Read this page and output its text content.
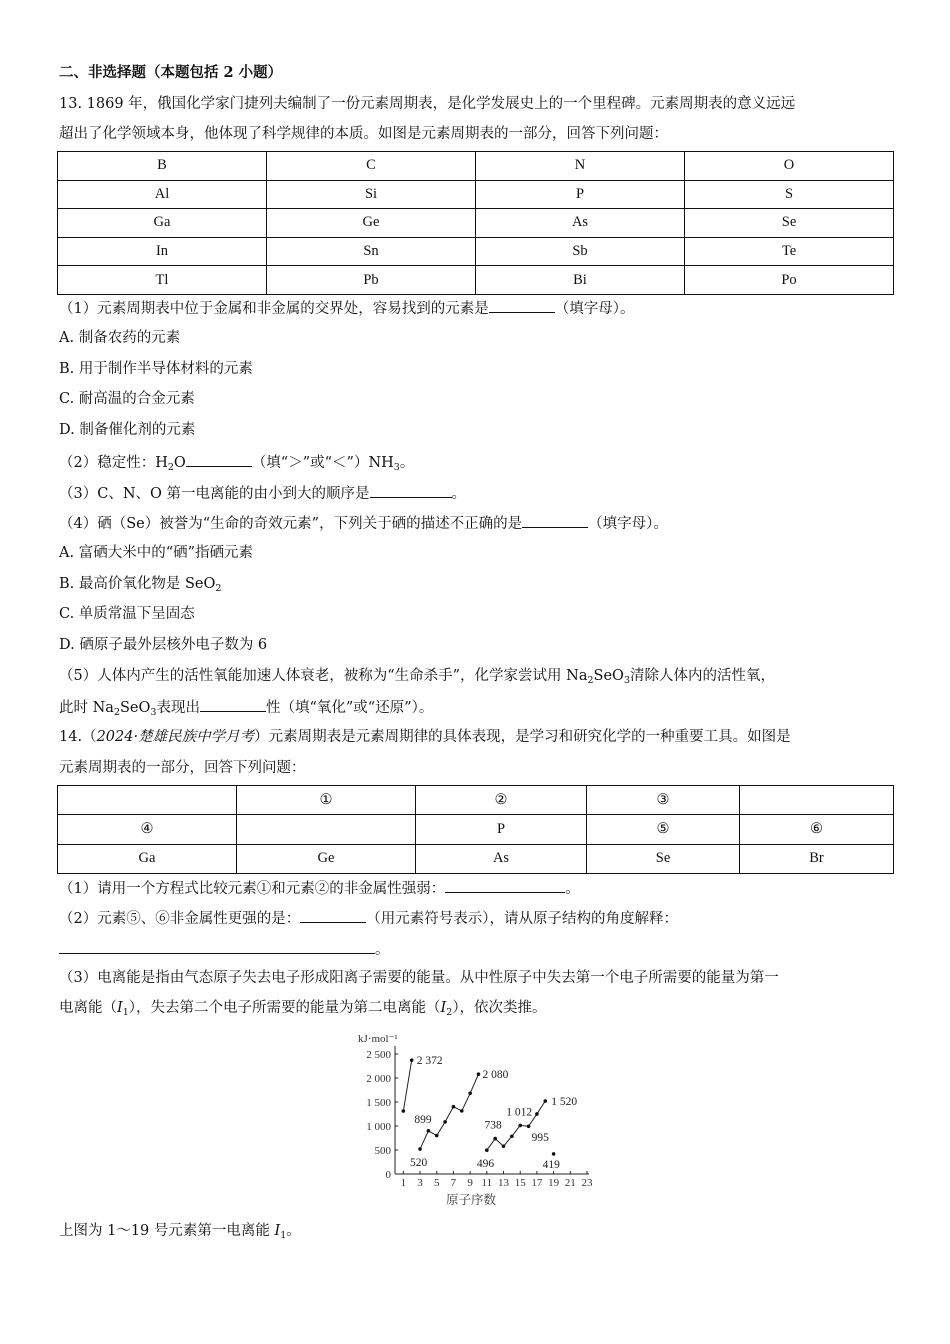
二、非选择题（本题包括 2 小题）
13. 1869 年，俄国化学家门捷列夫编制了一份元素周期表，是化学发展史上的一个里程碑。元素周期表的意义远远
超出了化学领域本身，他体现了科学规律的本质。如图是元素周期表的一部分，回答下列问题：
B	C	N	O
Al	Si	P	S
Ga	Ge	As	Se
In	Sn	Sb	Te
Tl	Pb	Bi	Po
（1）元素周期表中位于金属和非金属的交界处，容易找到的元素是	（填字母）。
A. 制备农药的元素
B. 用于制作半导体材料的元素
C. 耐高温的合金元素
D. 制备催化剂的元素
（2）稳定性：$H_2O$	（填“＞”或“$<”)NH_3$。
（3）C、N、O 第一电离能的由小到大的顺序是	。
（4）硒（Se）被誉为“生命的奇效元素”，下列关于硒的描述不正确的是	（填字母）。
A. 富硒大米中的“硒”指硒元素
B. 最高价氧化物是 SeO$_2$
C. 单质常温下呈固态
D. 硒原子最外层核外电子数为 6
（5）人体内产生的活性氧能加速人体衰老，被称为“生命杀手”，化学家尝试用 $Na_2SeO_3$清除人体内的活性氧，
此时 $Na_2SeO_3$表现出	性（填“氧化”或“还原”）。
14.（2024·楚雄民族中学月考）元素周期表是元素周期律的具体表现，是学习和研究化学的一种重要工具。如图是
元素周期表的一部分，回答下列问题：
	①	②	③	
④		P	⑤	⑥
Ga	Ge	As	Se	Br
（1）请用一个方程式比较元素①和元素②的非金属性强弱：	。
（2）元素⑤、⑥非金属性更强的是：	（用元素符号表示），请从原子结构的角度解释：
。
（3）电离能是指由气态原子失去电子形成阳离子需要的能量。从中性原子中失去第一个电子所需要的能量为第一
电离能$(I_1)$，失去第二个电子所需要的能量为第二电离能$(I_2)$，依次类推。
kJ·mol⁻¹
0
500
1 000
1 500
2 000
2 500
1 3 5 7 9 11 13 15 17 19 21 23
原子序数
2 372
2 080
899
520
738
1 012
995
1 520
496	419
上图为 1～19 号元素第一电离能 $I_1$。
